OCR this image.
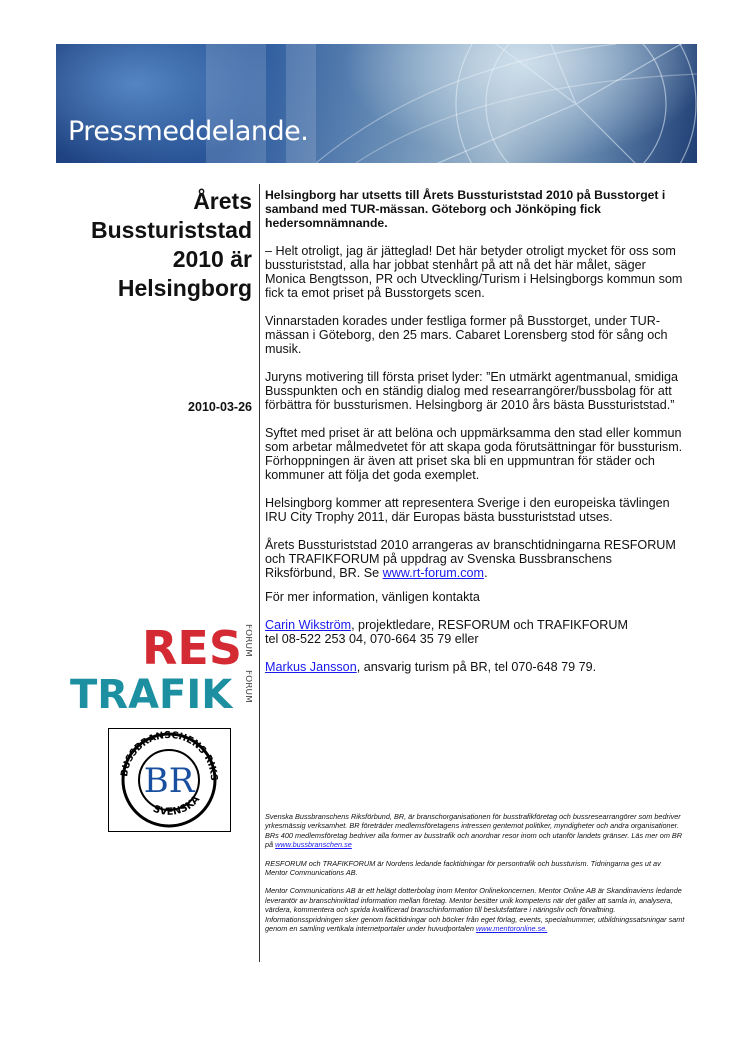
Pressmeddelande.
Årets
Bussturiststad
2010 är
Helsingborg
2010-03-26

Helsingborg har utsetts till Årets Bussturiststad 2010 på Busstorget i samband med TUR-mässan. Göteborg och Jönköping fick hedersomnämnande.

– Helt otroligt, jag är jätteglad! Det här betyder otroligt mycket för oss som bussturiststad, alla har jobbat stenhårt på att nå det här målet, säger Monica Bengtsson, PR och Utveckling/Turism i Helsingborgs kommun som fick ta emot priset på Busstorgets scen.

Vinnarstaden korades under festliga former på Busstorget, under TUR-mässan i Göteborg, den 25 mars. Cabaret Lorensberg stod för sång och musik.

Juryns motivering till första priset lyder: ”En utmärkt agentmanual, smidiga Busspunkten och en ständig dialog med researrangörer/bussbolag för att förbättra för bussturismen. Helsingborg är 2010 års bästa Bussturiststad.”

Syftet med priset är att belöna och uppmärksamma den stad eller kommun som arbetar målmedvetet för att skapa goda förutsättningar för bussturism. Förhoppningen är även att priset ska bli en uppmuntran för städer och kommuner att följa det goda exemplet.

Helsingborg kommer att representera Sverige i den europeiska tävlingen IRU City Trophy 2011, där Europas bästa bussturiststad utses.

Årets Bussturiststad 2010 arrangeras av branschtidningarna RESFORUM och TRAFIKFORUM på uppdrag av Svenska Bussbranschens Riksförbund, BR. Se www.rt-forum.com.

För mer information, vänligen kontakta

Carin Wikström, projektledare, RESFORUM och TRAFIKFORUM
tel 08-522 253 04, 070-664 35 79 eller

Markus Jansson, ansvarig turism på BR, tel 070-648 79 79.

Svenska Bussbranschens Riksförbund, BR, är branschorganisationen för busstrafikföretag och bussresearrangörer som bedriver yrkesmässig verksamhet. BR företräder medlemsföretagens intressen gentemot politiker, myndigheter och andra organisationer. BRs 400 medlemsföretag bedriver alla former av busstrafik och anordnar resor inom och utanför landets gränser. Läs mer om BR på www.bussbranschen.se

RESFORUM och TRAFIKFORUM är Nordens ledande facktidningar för persontrafik och bussturism. Tidningarna ges ut av Mentor Communications AB.

Mentor Communications AB är ett helägt dotterbolag inom Mentor Onlinekoncernen. Mentor Online AB är Skandinaviens ledande leverantör av branschinriktad information mellan företag. Mentor besitter unik kompetens när det gäller att samla in, analysera, värdera, kommentera och sprida kvalificerad branschinformation till beslutsfattare i näringsliv och förvaltning. Informationsspridningen sker genom facktidningar och böcker från eget förlag, events, specialnummer, utbildningssatsningar samt genom en samling vertikala internetportaler under huvudportalen www.mentoronline.se.

RES
TRAFIK
FORUM
FORUM
BUSSBRANSCHENS RIKS
SVENSKA
BR
